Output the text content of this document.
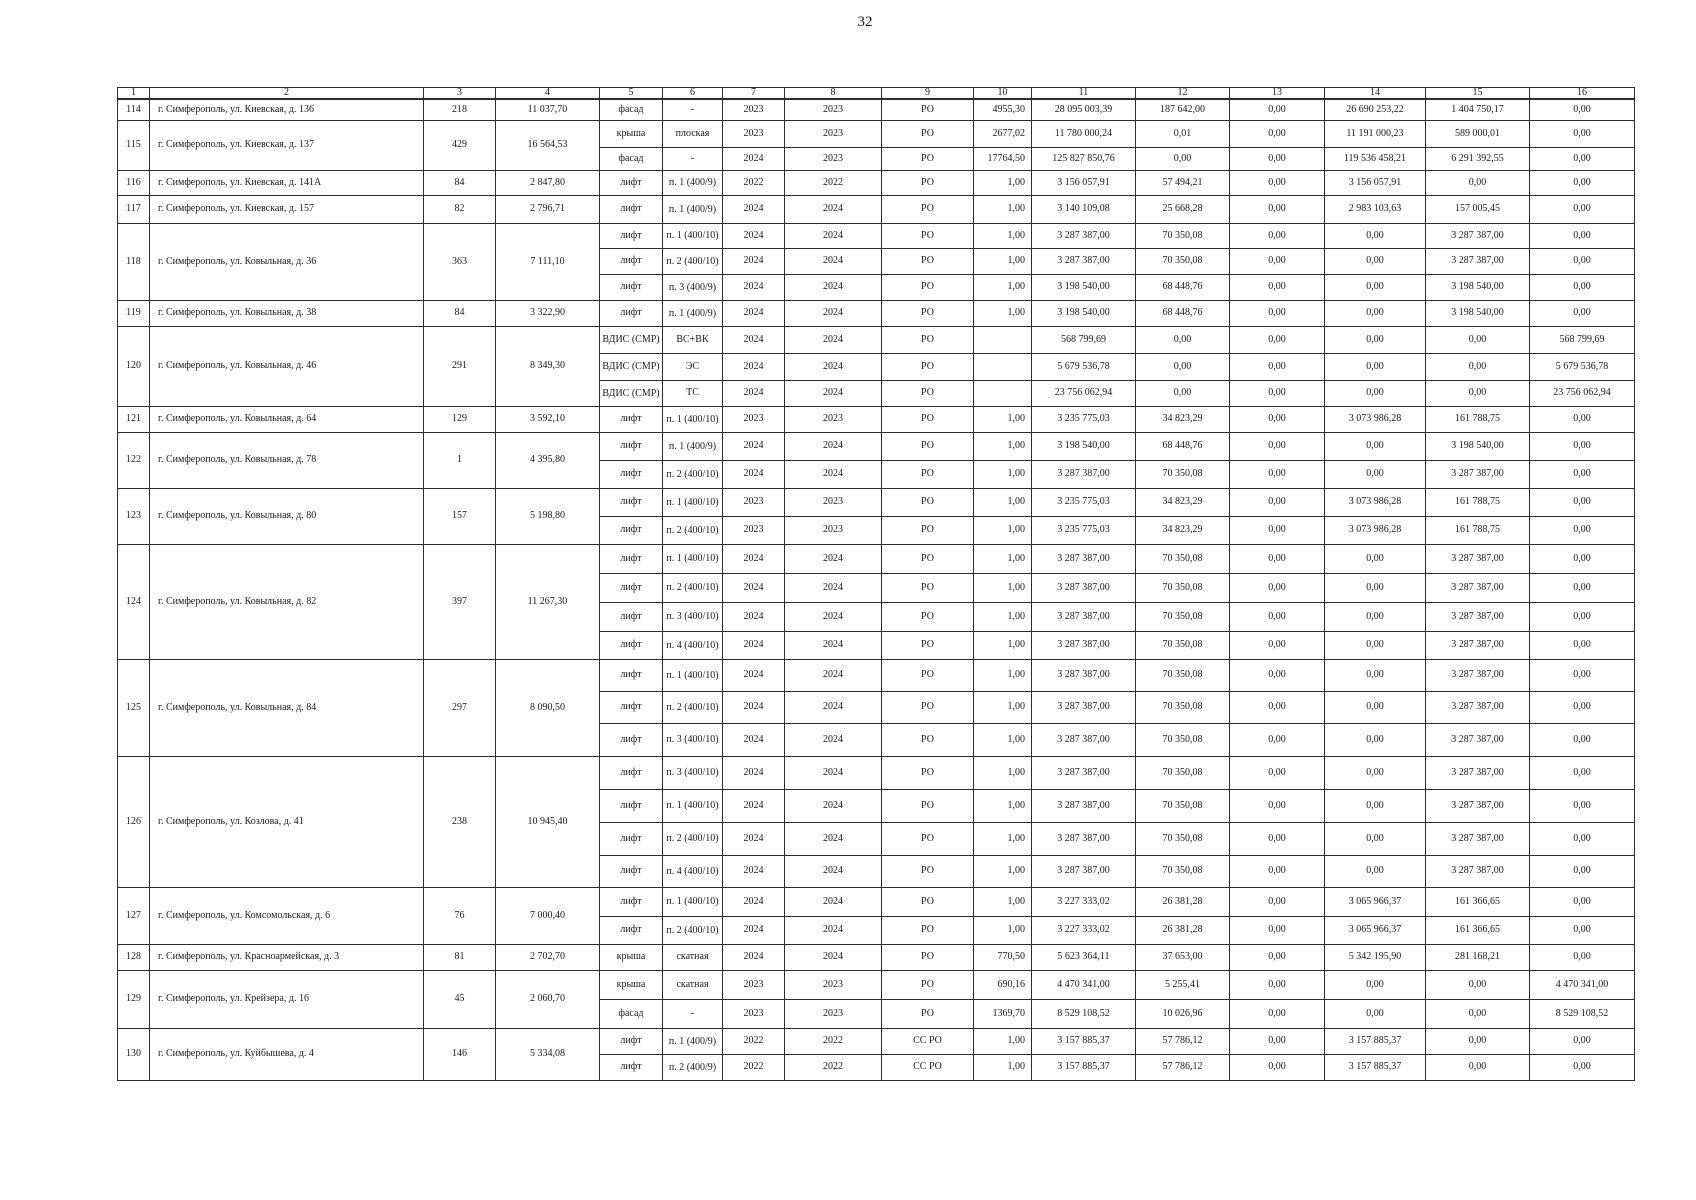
32
1	2	3	4	5	6	7	8	9	10	11	12	13	14	15	16
114	г. Симферополь, ул. Киевская, д. 136	218	11 037,70	фасад	-	2023	2023	РО	4955,30	28 095 003,39	187 642,00	0,00	26 690 253,22	1 404 750,17	0,00
115	г. Симферополь, ул. Киевская, д. 137	429	16 564,53	крыша	плоская	2023	2023	РО	2677,02	11 780 000,24	0,01	0,00	11 191 000,23	589 000,01	0,00
				фасад	-	2024	2023	РО	17764,50	125 827 850,76	0,00	0,00	119 536 458,21	6 291 392,55	0,00
116	г. Симферополь, ул. Киевская, д. 141А	84	2 847,80	лифт	п. 1 (400/9)	2022	2022	РО	1,00	3 156 057,91	57 494,21	0,00	3 156 057,91	0,00	0,00
117	г. Симферополь, ул. Киевская, д. 157	82	2 796,71	лифт	п. 1 (400/9)	2024	2024	РО	1,00	3 140 109,08	25 668,28	0,00	2 983 103,63	157 005,45	0,00
118	г. Симферополь, ул. Ковыльная, д. 36	363	7 111,10	лифт	п. 1 (400/10)	2024	2024	РО	1,00	3 287 387,00	70 350,08	0,00	0,00	3 287 387,00	0,00
				лифт	п. 2 (400/10)	2024	2024	РО	1,00	3 287 387,00	70 350,08	0,00	0,00	3 287 387,00	0,00
				лифт	п. 3 (400/9)	2024	2024	РО	1,00	3 198 540,00	68 448,76	0,00	0,00	3 198 540,00	0,00
119	г. Симферополь, ул. Ковыльная, д. 38	84	3 322,90	лифт	п. 1 (400/9)	2024	2024	РО	1,00	3 198 540,00	68 448,76	0,00	0,00	3 198 540,00	0,00
120	г. Симферополь, ул. Ковыльная, д. 46	291	8 349,30	ВДИС (СМР)	ВС+ВК	2024	2024	РО		568 799,69	0,00	0,00	0,00	0,00	568 799,69
				ВДИС (СМР)	ЭС	2024	2024	РО		5 679 536,78	0,00	0,00	0,00	0,00	5 679 536,78
				ВДИС (СМР)	ТС	2024	2024	РО		23 756 062,94	0,00	0,00	0,00	0,00	23 756 062,94
121	г. Симферополь, ул. Ковыльная, д. 64	129	3 592,10	лифт	п. 1 (400/10)	2023	2023	РО	1,00	3 235 775,03	34 823,29	0,00	3 073 986,28	161 788,75	0,00
122	г. Симферополь, ул. Ковыльная, д. 78	1	4 395,80	лифт	п. 1 (400/9)	2024	2024	РО	1,00	3 198 540,00	68 448,76	0,00	0,00	3 198 540,00	0,00
				лифт	п. 2 (400/10)	2024	2024	РО	1,00	3 287 387,00	70 350,08	0,00	0,00	3 287 387,00	0,00
123	г. Симферополь, ул. Ковыльная, д. 80	157	5 198,80	лифт	п. 1 (400/10)	2023	2023	РО	1,00	3 235 775,03	34 823,29	0,00	3 073 986,28	161 788,75	0,00
				лифт	п. 2 (400/10)	2023	2023	РО	1,00	3 235 775,03	34 823,29	0,00	3 073 986,28	161 788,75	0,00
124	г. Симферополь, ул. Ковыльная, д. 82	397	11 267,30	лифт	п. 1 (400/10)	2024	2024	РО	1,00	3 287 387,00	70 350,08	0,00	0,00	3 287 387,00	0,00
				лифт	п. 2 (400/10)	2024	2024	РО	1,00	3 287 387,00	70 350,08	0,00	0,00	3 287 387,00	0,00
				лифт	п. 3 (400/10)	2024	2024	РО	1,00	3 287 387,00	70 350,08	0,00	0,00	3 287 387,00	0,00
				лифт	п. 4 (400/10)	2024	2024	РО	1,00	3 287 387,00	70 350,08	0,00	0,00	3 287 387,00	0,00
125	г. Симферополь, ул. Ковыльная, д. 84	297	8 090,50	лифт	п. 1 (400/10)	2024	2024	РО	1,00	3 287 387,00	70 350,08	0,00	0,00	3 287 387,00	0,00
				лифт	п. 2 (400/10)	2024	2024	РО	1,00	3 287 387,00	70 350,08	0,00	0,00	3 287 387,00	0,00
				лифт	п. 3 (400/10)	2024	2024	РО	1,00	3 287 387,00	70 350,08	0,00	0,00	3 287 387,00	0,00
126	г. Симферополь, ул. Козлова, д. 41	238	10 945,40	лифт	п. 3 (400/10)	2024	2024	РО	1,00	3 287 387,00	70 350,08	0,00	0,00	3 287 387,00	0,00
				лифт	п. 1 (400/10)	2024	2024	РО	1,00	3 287 387,00	70 350,08	0,00	0,00	3 287 387,00	0,00
				лифт	п. 2 (400/10)	2024	2024	РО	1,00	3 287 387,00	70 350,08	0,00	0,00	3 287 387,00	0,00
				лифт	п. 4 (400/10)	2024	2024	РО	1,00	3 287 387,00	70 350,08	0,00	0,00	3 287 387,00	0,00
127	г. Симферополь, ул. Комсомольская, д. 6	76	7 000,40	лифт	п. 1 (400/10)	2024	2024	РО	1,00	3 227 333,02	26 381,28	0,00	3 065 966,37	161 366,65	0,00
				лифт	п. 2 (400/10)	2024	2024	РО	1,00	3 227 333,02	26 381,28	0,00	3 065 966,37	161 366,65	0,00
128	г. Симферополь, ул. Красноармейская, д. 3	81	2 702,70	крыша	скатная	2024	2024	РО	770,50	5 623 364,11	37 653,00	0,00	5 342 195,90	281 168,21	0,00
129	г. Симферополь, ул. Крейзера, д. 16	45	2 060,70	крыша	скатная	2023	2023	РО	690,16	4 470 341,00	5 255,41	0,00	0,00	0,00	4 470 341,00
				фасад	-	2023	2023	РО	1369,70	8 529 108,52	10 026,96	0,00	0,00	0,00	8 529 108,52
130	г. Симферополь, ул. Куйбышева, д. 4	146	5 334,08	лифт	п. 1 (400/9)	2022	2022	СС РО	1,00	3 157 885,37	57 786,12	0,00	3 157 885,37	0,00	0,00
				лифт	п. 2 (400/9)	2022	2022	СС РО	1,00	3 157 885,37	57 786,12	0,00	3 157 885,37	0,00	0,00
